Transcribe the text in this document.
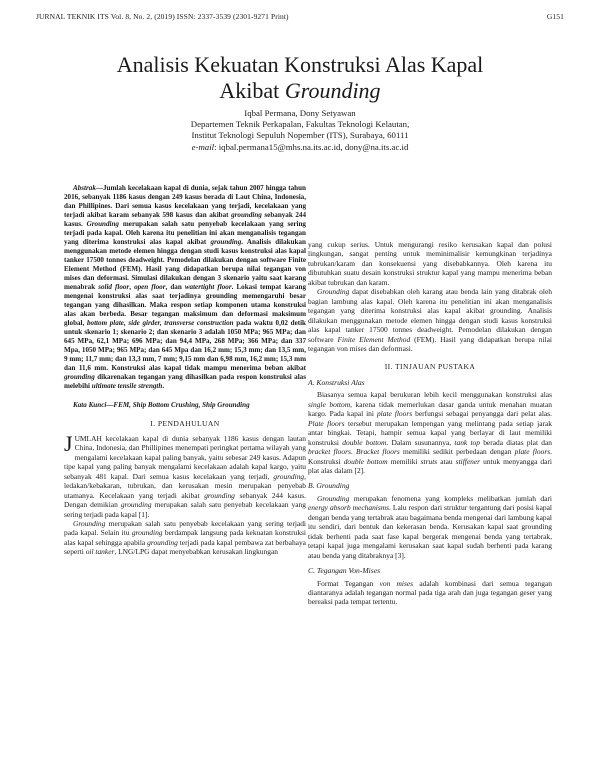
JURNAL TEKNIK ITS Vol. 8, No. 2, (2019) ISSN: 2337-3539 (2301-9271 Print)	G151
Analisis Kekuatan Konstruksi Alas Kapal
Akibat Grounding
Iqbal Permana, Dony Setyawan
Departemen Teknik Perkapalan, Fakultas Teknologi Kelautan,
Institut Teknologi Sepuluh Nopember (ITS), Surabaya, 60111
e-mail: iqbal.permana15@mhs.na.its.ac.id, dony@na.its.ac.id

Abstrak—Jumlah kecelakaan kapal di dunia, sejak tahun 2007 hingga tahun 2016, sebanyak 1186 kasus dengan 249 kasus berada di Laut China, Indonesia, dan Phillipines. Dari semua kasus kecelakaan yang terjadi, kecelakaan yang terjadi akibat karam sebanyak 598 kasus dan akibat grounding sebanyak 244 kasus. Grounding merupakan salah satu penyebab kecelakaan yang sering terjadi pada kapal. Oleh karena itu penelitian ini akan menganalisis tegangan yang diterima konstruksi alas kapal akibat grounding. Analisis dilakukan menggunakan metode elemen hingga dengan studi kasus konstruksi alas kapal tanker 17500 tonnes deadweight. Pemodelan dilakukan dengan software Finite Element Method (FEM). Hasil yang didapatkan berupa nilai tegangan von mises dan deformasi. Simulasi dilakukan dengan 3 skenario yaitu saat karang menabrak solid floor, open floor, dan watertight floor. Lokasi tempat karang mengenai konstruksi alas saat terjadinya grounding memengaruhi besar tegangan yang dihasilkan. Maka respon setiap komponen utama konstruksi alas akan berbeda. Besar tegangan maksimum dan deformasi maksimum global, bottom plate, side girder, transverse construction pada waktu 0,02 detik untuk skenario 1; skenario 2; dan skenario 3 adalah 1050 MPa; 965 MPa; dan 645 MPa, 62,1 MPa; 696 MPa; dan 94,4 MPa, 268 MPa; 366 MPa; dan 337 Mpa, 1050 MPa; 965 MPa; dan 645 Mpa dan 16,2 mm; 15,3 mm; dan 13,5 mm, 9 mm; 11,7 mm; dan 13,3 mm, 7 mm; 9,15 mm dan 6,98 mm, 16,2 mm; 15,3 mm dan 11,6 mm. Konstruksi alas kapal tidak mampu menerima beban akibat grounding dikarenakan tegangan yang dihasilkan pada respon konstruksi alas melebihi ultimate tensile strength.

Kata Kunci—FEM, Ship Bottom Crushing, Ship Grounding

I. PENDAHULUAN

JUMLAH kecelakaan kapal di dunia sebanyak 1186 kasus dengan lautan China, Indonesia, dan Phillipines menempati peringkat pertama wilayah yang mengalami kecelakaan kapal paling banyak, yaitu sebesar 249 kasus. Adapun tipe kapal yang paling banyak mengalami kecelakaan adalah kapal kargo, yaitu sebanyak 481 kapal. Dari semua kasus kecelakaan yang terjadi, grounding, ledakan/kebakaran, tubrukan, dan kerusakan mesin merupakan penyebab utamanya. Kecelakaan yang terjadi akibat grounding sebanyak 244 kasus. Dengan demikian grounding merupakan salah satu penyebab kecelakaan yang sering terjadi pada kapal [1].

Grounding merupakan salah satu penyebab kecelakaan yang sering terjadi pada kapal. Selain itu grounding berdampak langsung pada kekuatan konstruksi alas kapal sehingga apabila grounding terjadi pada kapal pembawa zat berbahaya seperti oil tanker, LNG/LPG dapat menyebabkan kerusakan lingkungan

yang cukup serius. Untuk mengurangi resiko kerusakan kapal dan polusi lingkungan, sangat penting untuk meminimalisir kemungkinan terjadinya tubrukan/karam dan konsekuensi yang disebabkannya. Oleh karena itu dibutuhkan suatu desain konstruksi struktur kapal yang mampu menerima beban akibat tubrukan dan karam.

Grounding dapat disebabkan oleh karang atau benda lain yang ditabrak oleh bagian lambung alas kapal. Oleh karena itu penelitian ini akan menganalisis tegangan yang diterima konstruksi alas kapal akibat grounding. Analisis dilakukan menggunakan metode elemen hingga dengan studi kasus konstruksi alas kapal tanker 17500 tonnes deadweight. Pemodelan dilakukan dengan software Finite Element Method (FEM). Hasil yang didapatkan berupa nilai tegangan von mises dan deformasi.

II. TINJAUAN PUSTAKA
A. Konstruksi Alas

Biasanya semua kapal berukuran lebih kecil menggunakan konstruksi alas single bottom, karena tidak memerlukan dasar ganda untuk menahan muatan kargo. Pada kapal ini plate floors berfungsi sebagai penyangga dari pelat alas. Plate floors tersebut merupakan lempengan yang melintang pada setiap jarak antar bingkai. Tetapi, hampir semua kapal yang berlayar di laut memiliki konstruksi double bottom. Dalam susunannya, tank top berada diatas plat dan bracket floors. Bracket floors memiliki sedikit perbedaan dengan plate floors. Konstruksi double bottom memiliki struts atau stiffener untuk menyangga dari plat alas dalam [2].

B. Grounding

Grounding merupakan fenomena yang kompleks melibatkan jumlah dari energy absorb mechanisms. Lalu respon dari struktur tergantung dari posisi kapal dengan benda yang tertabrak atau bagaimana benda mengenai dari lambung kapal itu sendiri, dari bentuk dan kekerasan benda. Kerusakan kapal saat grounding tidak berhenti pada saat fase kapal bergerak mengenai benda yang tertabrak, tetapi kapal juga mengalami kerusakan saat kapal sudah berhenti pada karang atau benda yang ditabraknya [3].

C. Tegangan Von-Mises

Format Tegangan von mises adalah kombinasi dari semua tegangan diantaranya adalah tegangan normal pada tiga arah dan juga tegangan geser yang bereaksi pada tempat tertentu.
